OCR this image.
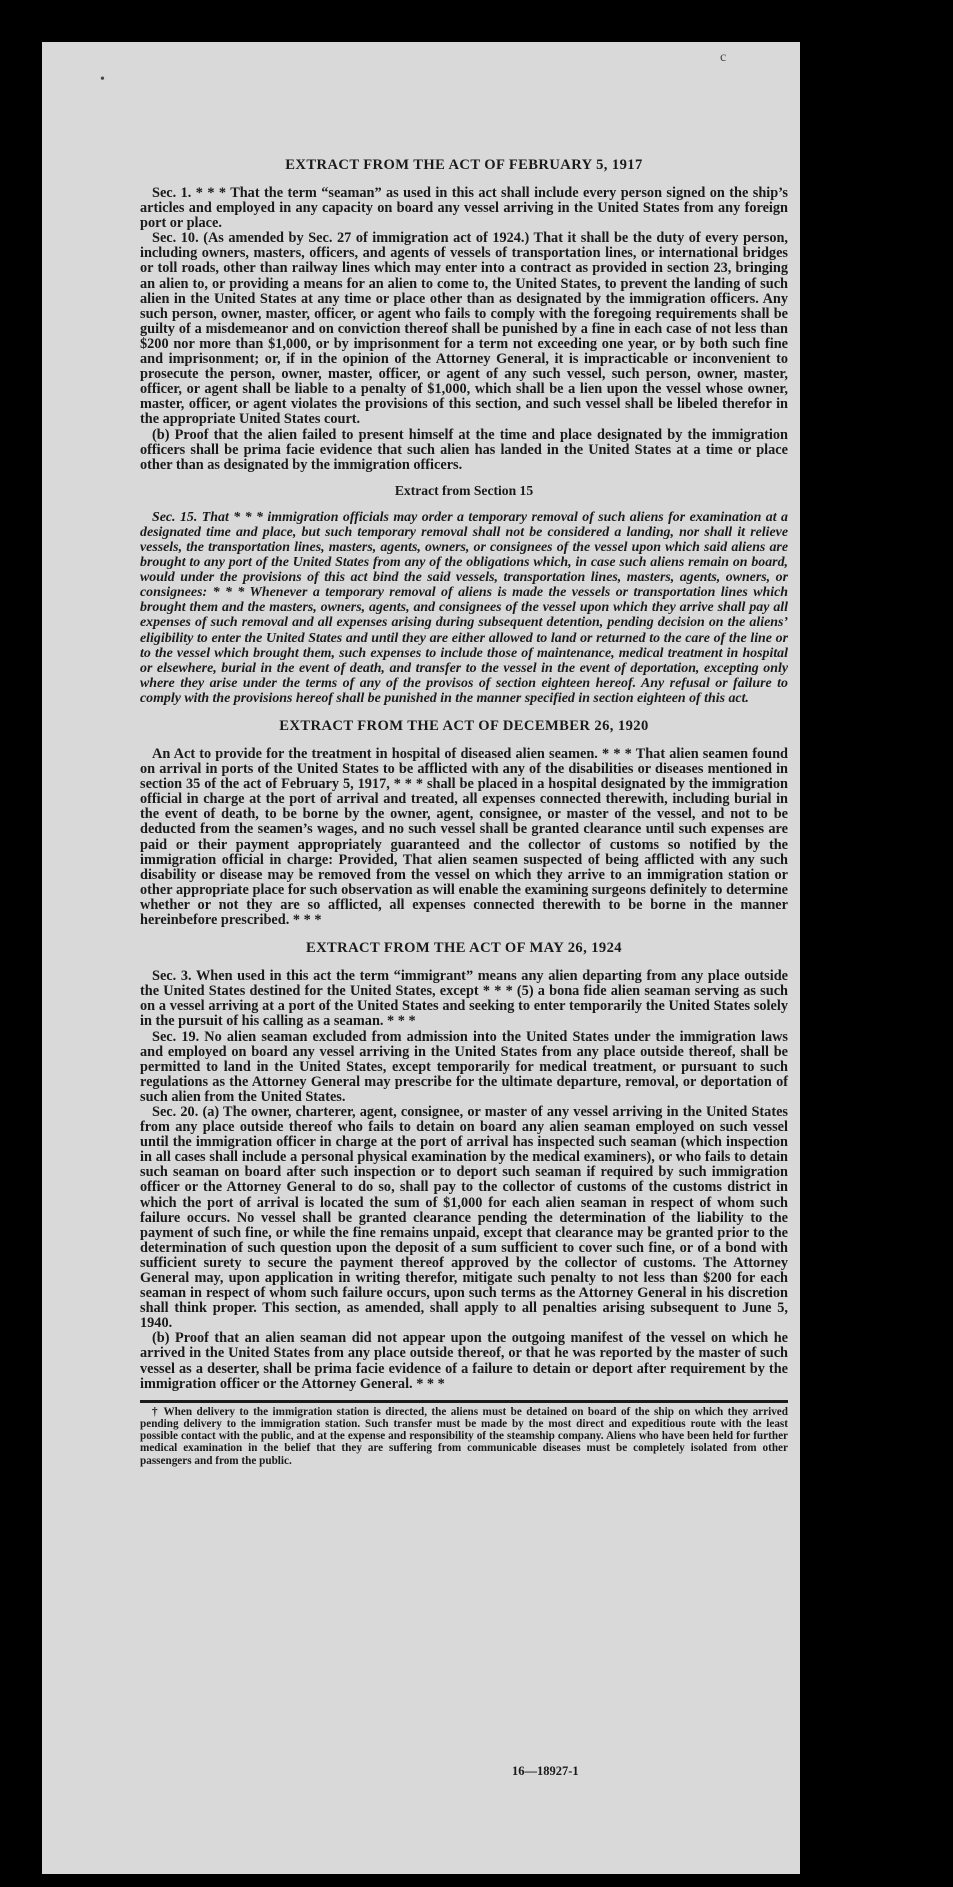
c
•
EXTRACT FROM THE ACT OF FEBRUARY 5, 1917

Sec. 1. * * * That the term “seaman” as used in this act shall include every person signed on the ship’s articles and employed in any capacity on board any vessel arriving in the United States from any foreign port or place.

Sec. 10. (As amended by Sec. 27 of immigration act of 1924.) That it shall be the duty of every person, including owners, masters, officers, and agents of vessels of transportation lines, or international bridges or toll roads, other than railway lines which may enter into a contract as provided in section 23, bringing an alien to, or providing a means for an alien to come to, the United States, to prevent the landing of such alien in the United States at any time or place other than as designated by the immigration officers. Any such person, owner, master, officer, or agent who fails to comply with the foregoing requirements shall be guilty of a misdemeanor and on conviction thereof shall be punished by a fine in each case of not less than $200 nor more than $1,000, or by imprisonment for a term not exceeding one year, or by both such fine and imprisonment; or, if in the opinion of the Attorney General, it is impracticable or inconvenient to prosecute the person, owner, master, officer, or agent of any such vessel, such person, owner, master, officer, or agent shall be liable to a penalty of $1,000, which shall be a lien upon the vessel whose owner, master, officer, or agent violates the provisions of this section, and such vessel shall be libeled therefor in the appropriate United States court.

(b) Proof that the alien failed to present himself at the time and place designated by the immigration officers shall be prima facie evidence that such alien has landed in the United States at a time or place other than as designated by the immigration officers.

Extract from Section 15

Sec. 15. That * * * immigration officials may order a temporary removal of such aliens for examination at a designated time and place, but such temporary removal shall not be considered a landing, nor shall it relieve vessels, the transportation lines, masters, agents, owners, or consignees of the vessel upon which said aliens are brought to any port of the United States from any of the obligations which, in case such aliens remain on board, would under the provisions of this act bind the said vessels, transportation lines, masters, agents, owners, or consignees: * * * Whenever a temporary removal of aliens is made the vessels or transportation lines which brought them and the masters, owners, agents, and consignees of the vessel upon which they arrive shall pay all expenses of such removal and all expenses arising during subsequent detention, pending decision on the aliens’ eligibility to enter the United States and until they are either allowed to land or returned to the care of the line or to the vessel which brought them, such expenses to include those of maintenance, medical treatment in hospital or elsewhere, burial in the event of death, and transfer to the vessel in the event of deportation, excepting only where they arise under the terms of any of the provisos of section eighteen hereof. Any refusal or failure to comply with the provisions hereof shall be punished in the manner specified in section eighteen of this act.

EXTRACT FROM THE ACT OF DECEMBER 26, 1920

An Act to provide for the treatment in hospital of diseased alien seamen. * * * That alien seamen found on arrival in ports of the United States to be afflicted with any of the disabilities or diseases mentioned in section 35 of the act of February 5, 1917, * * * shall be placed in a hospital designated by the immigration official in charge at the port of arrival and treated, all expenses connected therewith, including burial in the event of death, to be borne by the owner, agent, consignee, or master of the vessel, and not to be deducted from the seamen’s wages, and no such vessel shall be granted clearance until such expenses are paid or their payment appropriately guaranteed and the collector of customs so notified by the immigration official in charge: Provided, That alien seamen suspected of being afflicted with any such disability or disease may be removed from the vessel on which they arrive to an immigration station or other appropriate place for such observation as will enable the examining surgeons definitely to determine whether or not they are so afflicted, all expenses connected therewith to be borne in the manner hereinbefore prescribed. * * *

EXTRACT FROM THE ACT OF MAY 26, 1924

Sec. 3. When used in this act the term “immigrant” means any alien departing from any place outside the United States destined for the United States, except * * * (5) a bona fide alien seaman serving as such on a vessel arriving at a port of the United States and seeking to enter temporarily the United States solely in the pursuit of his calling as a seaman. * * *

Sec. 19. No alien seaman excluded from admission into the United States under the immigration laws and employed on board any vessel arriving in the United States from any place outside thereof, shall be permitted to land in the United States, except temporarily for medical treatment, or pursuant to such regulations as the Attorney General may prescribe for the ultimate departure, removal, or deportation of such alien from the United States.

Sec. 20. (a) The owner, charterer, agent, consignee, or master of any vessel arriving in the United States from any place outside thereof who fails to detain on board any alien seaman employed on such vessel until the immigration officer in charge at the port of arrival has inspected such seaman (which inspection in all cases shall include a personal physical examination by the medical examiners), or who fails to detain such seaman on board after such inspection or to deport such seaman if required by such immigration officer or the Attorney General to do so, shall pay to the collector of customs of the customs district in which the port of arrival is located the sum of $1,000 for each alien seaman in respect of whom such failure occurs. No vessel shall be granted clearance pending the determination of the liability to the payment of such fine, or while the fine remains unpaid, except that clearance may be granted prior to the determination of such question upon the deposit of a sum sufficient to cover such fine, or of a bond with sufficient surety to secure the payment thereof approved by the collector of customs. The Attorney General may, upon application in writing therefor, mitigate such penalty to not less than $200 for each seaman in respect of whom such failure occurs, upon such terms as the Attorney General in his discretion shall think proper. This section, as amended, shall apply to all penalties arising subsequent to June 5, 1940.

(b) Proof that an alien seaman did not appear upon the outgoing manifest of the vessel on which he arrived in the United States from any place outside thereof, or that he was reported by the master of such vessel as a deserter, shall be prima facie evidence of a failure to detain or deport after requirement by the immigration officer or the Attorney General. * * *

† When delivery to the immigration station is directed, the aliens must be detained on board of the ship on which they arrived pending delivery to the immigration station. Such transfer must be made by the most direct and expeditious route with the least possible contact with the public, and at the expense and responsibility of the steamship company. Aliens who have been held for further medical examination in the belief that they are suffering from communicable diseases must be completely isolated from other passengers and from the public.

16—18927-1
